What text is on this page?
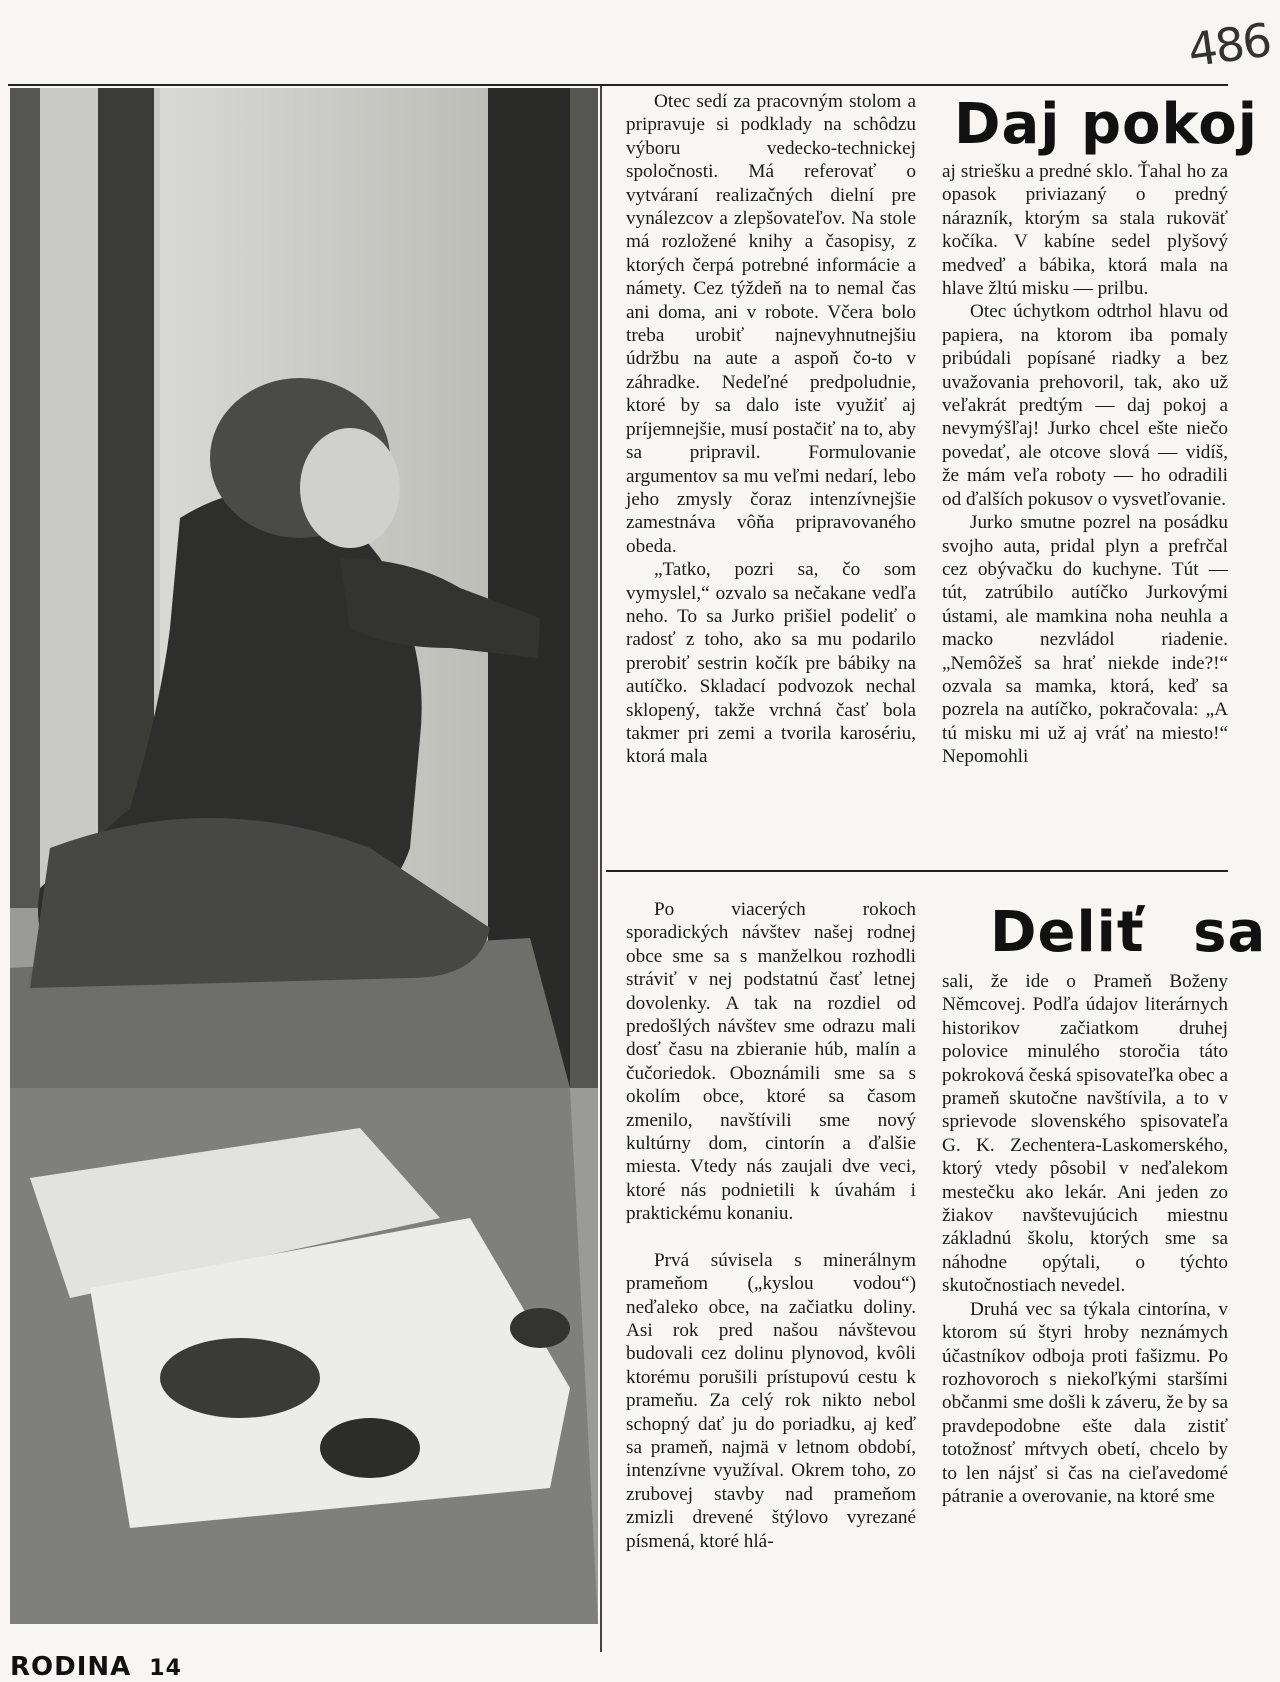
486
Daj pokoj

Otec sedí za pracovným stolom a pripravuje si podklady na schôdzu výboru vedecko-technickej spoločnosti. Má referovať o vytváraní realizačných dielní pre vynálezcov a zlepšovateľov. Na stole má rozložené knihy a časopisy, z ktorých čerpá potrebné informácie a námety. Cez týždeň na to nemal čas ani doma, ani v robote. Včera bolo treba urobiť najnevyhnutnejšiu údržbu na aute a aspoň čo-to v záhradke. Nedeľné predpoludnie, ktoré by sa dalo iste využiť aj príjemnejšie, musí postačiť na to, aby sa pripravil. Formulovanie argumentov sa mu veľmi nedarí, lebo jeho zmysly čoraz intenzívnejšie zamestnáva vôňa pripravovaného obeda.

„Tatko, pozri sa, čo som vymyslel,“ ozvalo sa nečakane vedľa neho. To sa Jurko prišiel podeliť o radosť z toho, ako sa mu podarilo prerobiť sestrin kočík pre bábiky na autíčko. Skladací podvozok nechal sklopený, takže vrchná časť bola takmer pri zemi a tvorila karosériu, ktorá mala

aj striešku a predné sklo. Ťahal ho za opasok priviazaný o predný nárazník, ktorým sa stala rukoväť kočíka. V kabíne sedel plyšový medveď a bábika, ktorá mala na hlave žltú misku — prilbu.

Otec úchytkom odtrhol hlavu od papiera, na ktorom iba pomaly pribúdali popísané riadky a bez uvažovania prehovoril, tak, ako už veľakrát predtým — daj pokoj a nevymýšľaj! Jurko chcel ešte niečo povedať, ale otcove slová — vidíš, že mám veľa roboty — ho odradili od ďalších pokusov o vysvetľovanie.

Jurko smutne pozrel na posádku svojho auta, pridal plyn a prefrčal cez obývačku do kuchyne. Tút — tút, zatrúbilo autíčko Jurkovými ústami, ale mamkina noha neuhla a macko nezvládol riadenie. „Nemôžeš sa hrať niekde inde?!“ ozvala sa mamka, ktorá, keď sa pozrela na autíčko, pokračovala: „A tú misku mi už aj vráť na miesto!“ Nepomohli

Deliť sa

Po viacerých rokoch sporadických návštev našej rodnej obce sme sa s manželkou rozhodli stráviť v nej podstatnú časť letnej dovolenky. A tak na rozdiel od predošlých návštev sme odrazu mali dosť času na zbieranie húb, malín a čučoriedok. Oboznámili sme sa s okolím obce, ktoré sa časom zmenilo, navštívili sme nový kultúrny dom, cintorín a ďalšie miesta. Vtedy nás zaujali dve veci, ktoré nás podnietili k úvahám i praktickému konaniu.

Prvá súvisela s minerálnym prameňom („kyslou vodou“) neďaleko obce, na začiatku doliny. Asi rok pred našou návštevou budovali cez dolinu plynovod, kvôli ktorému porušili prístupovú cestu k prameňu. Za celý rok nikto nebol schopný dať ju do poriadku, aj keď sa prameň, najmä v letnom období, intenzívne využíval. Okrem toho, zo zrubovej stavby nad prameňom zmizli drevené štýlovo vyrezané písmená, ktoré hlá-

sali, že ide o Prameň Boženy Němcovej. Podľa údajov literárnych historikov začiatkom druhej polovice minulého storočia táto pokroková česká spisovateľka obec a prameň skutočne navštívila, a to v sprievode slovenského spisovateľa G. K. Zechentera-Laskomerského, ktorý vtedy pôsobil v neďalekom mestečku ako lekár. Ani jeden zo žiakov navštevujúcich miestnu základnú školu, ktorých sme sa náhodne opýtali, o týchto skutočnostiach nevedel.

Druhá vec sa týkala cintorína, v ktorom sú štyri hroby neznámych účastníkov odboja proti fašizmu. Po rozhovoroch s niekoľkými staršími občanmi sme došli k záveru, že by sa pravdepodobne ešte dala zistiť totožnosť mŕtvych obetí, chcelo by to len nájsť si čas na cieľavedomé pátranie a overovanie, na ktoré sme

RODINA 14
